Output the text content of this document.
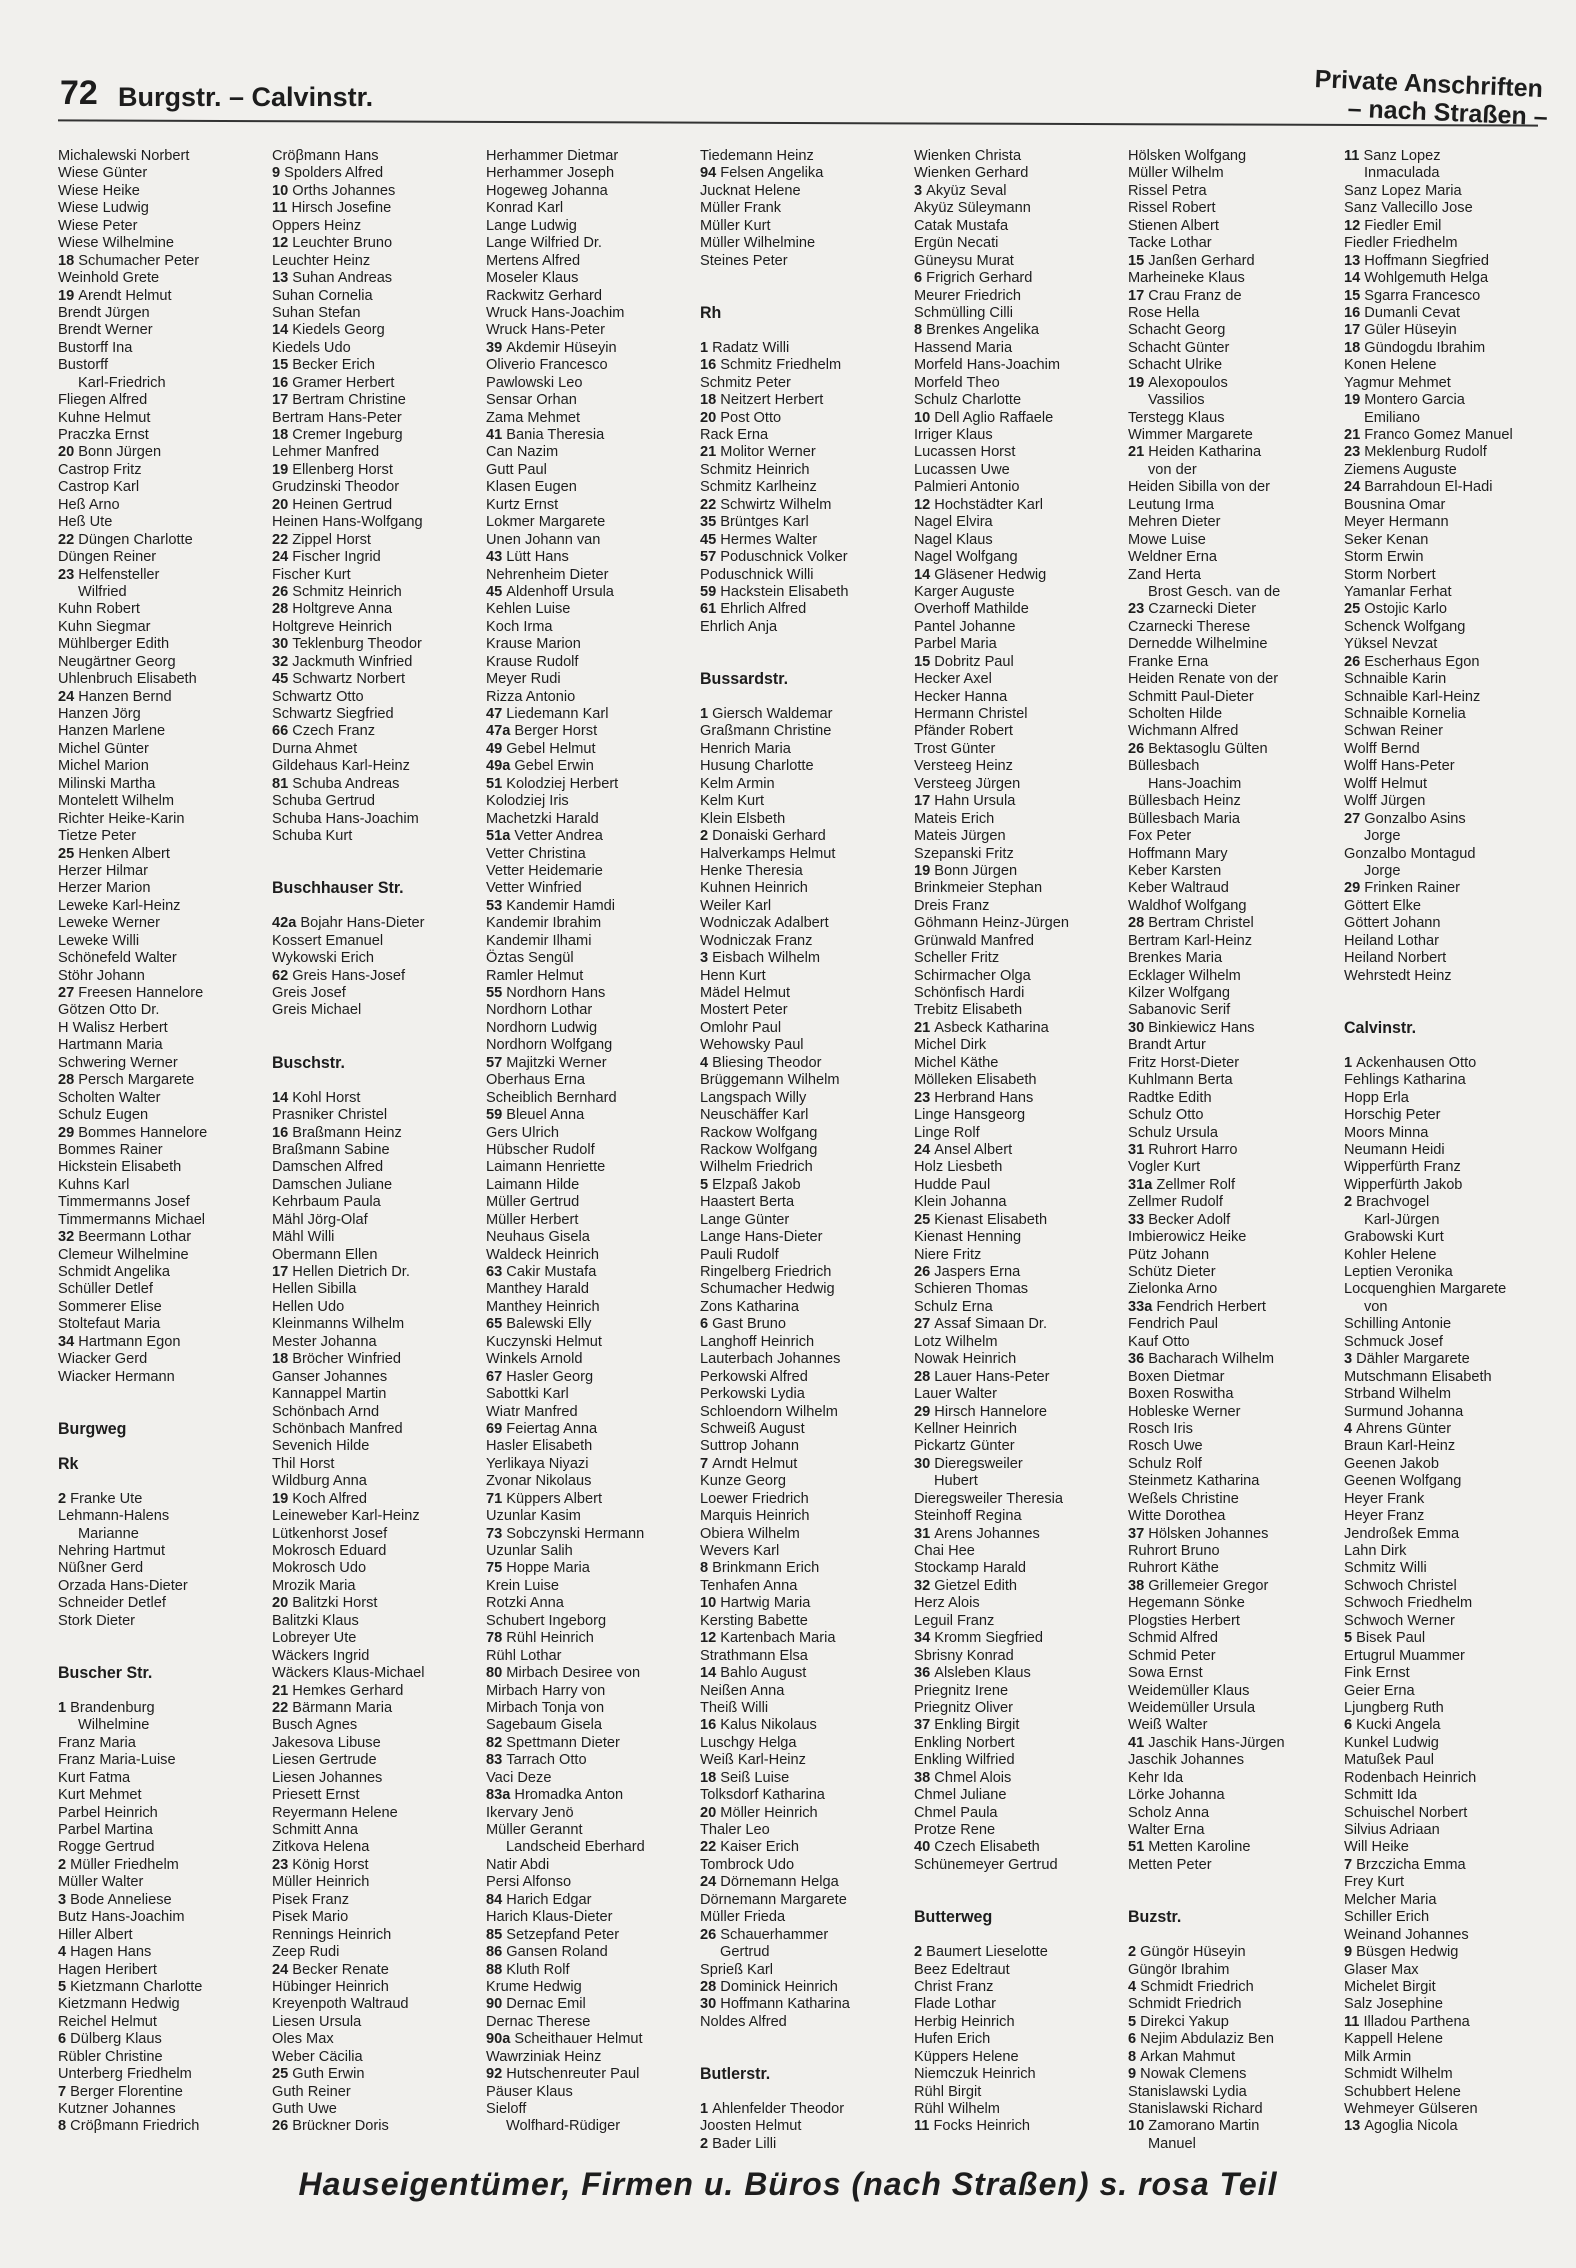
72 Burgstr. – Calvinstr.	Private Anschriften
– nach Straßen –
Michalewski Norbert
Wiese Günter
Wiese Heike
Wiese Ludwig
Wiese Peter
Wiese Wilhelmine
18 Schumacher Peter
Weinhold Grete
19 Arendt Helmut
Brendt Jürgen
Brendt Werner
Bustorff Ina
Bustorff
Karl-Friedrich
Fliegen Alfred
Kuhne Helmut
Praczka Ernst
20 Bonn Jürgen
Castrop Fritz
Castrop Karl
Heß Arno
Heß Ute
22 Düngen Charlotte
Düngen Reiner
23 Helfensteller
Wilfried
Kuhn Robert
Kuhn Siegmar
Mühlberger Edith
Neugärtner Georg
Uhlenbruch Elisabeth
24 Hanzen Bernd
Hanzen Jörg
Hanzen Marlene
Michel Günter
Michel Marion
Milinski Martha
Montelett Wilhelm
Richter Heike-Karin
Tietze Peter
25 Henken Albert
Herzer Hilmar
Herzer Marion
Leweke Karl-Heinz
Leweke Werner
Leweke Willi
Schönefeld Walter
Stöhr Johann
27 Freesen Hannelore
Götzen Otto Dr.
H Walisz Herbert
Hartmann Maria
Schwering Werner
28 Persch Margarete
Scholten Walter
Schulz Eugen
29 Bommes Hannelore
Bommes Rainer
Hickstein Elisabeth
Kuhns Karl
Timmermanns Josef
Timmermanns Michael
32 Beermann Lothar
Clemeur Wilhelmine
Schmidt Angelika
Schüller Detlef
Sommerer Elise
Stoltefaut Maria
34 Hartmann Egon
Wiacker Gerd
Wiacker Hermann
Burgweg
Rk
2 Franke Ute
Lehmann-Halens
Marianne
Nehring Hartmut
Nüßner Gerd
Orzada Hans-Dieter
Schneider Detlef
Stork Dieter
Buscher Str.
1 Brandenburg
Wilhelmine
Franz Maria
Franz Maria-Luise
Kurt Fatma
Kurt Mehmet
Parbel Heinrich
Parbel Martina
Rogge Gertrud
2 Müller Friedhelm
Müller Walter
3 Bode Anneliese
Butz Hans-Joachim
Hiller Albert
4 Hagen Hans
Hagen Heribert
5 Kietzmann Charlotte
Kietzmann Hedwig
Reichel Helmut
6 Dülberg Klaus
Rübler Christine
Unterberg Friedhelm
7 Berger Florentine
Kutzner Johannes
8 Cröβmann Friedrich
Cröβmann Hans
9 Spolders Alfred
10 Orths Johannes
11 Hirsch Josefine
Oppers Heinz
12 Leuchter Bruno
Leuchter Heinz
13 Suhan Andreas
Suhan Cornelia
Suhan Stefan
14 Kiedels Georg
Kiedels Udo
15 Becker Erich
16 Gramer Herbert
17 Bertram Christine
Bertram Hans-Peter
18 Cremer Ingeburg
Lehmer Manfred
19 Ellenberg Horst
Grudzinski Theodor
20 Heinen Gertrud
Heinen Hans-Wolfgang
22 Zippel Horst
24 Fischer Ingrid
Fischer Kurt
26 Schmitz Heinrich
28 Holtgreve Anna
Holtgreve Heinrich
30 Teklenburg Theodor
32 Jackmuth Winfried
45 Schwartz Norbert
Schwartz Otto
Schwartz Siegfried
66 Czech Franz
Durna Ahmet
Gildehaus Karl-Heinz
81 Schuba Andreas
Schuba Gertrud
Schuba Hans-Joachim
Schuba Kurt
Buschhauser Str.
42a Bojahr Hans-Dieter
Kossert Emanuel
Wykowski Erich
62 Greis Hans-Josef
Greis Josef
Greis Michael
Buschstr.
14 Kohl Horst
Prasniker Christel
16 Braßmann Heinz
Braßmann Sabine
Damschen Alfred
Damschen Juliane
Kehrbaum Paula
Mähl Jörg-Olaf
Mähl Willi
Obermann Ellen
17 Hellen Dietrich Dr.
Hellen Sibilla
Hellen Udo
Kleinmanns Wilhelm
Mester Johanna
18 Bröcher Winfried
Ganser Johannes
Kannappel Martin
Schönbach Arnd
Schönbach Manfred
Sevenich Hilde
Thil Horst
Wildburg Anna
19 Koch Alfred
Leineweber Karl-Heinz
Lütkenhorst Josef
Mokrosch Eduard
Mokrosch Udo
Mrozik Maria
20 Balitzki Horst
Balitzki Klaus
Lobreyer Ute
Wäckers Ingrid
Wäckers Klaus-Michael
21 Hemkes Gerhard
22 Bärmann Maria
Busch Agnes
Jakesova Libuse
Liesen Gertrude
Liesen Johannes
Priesett Ernst
Reyermann Helene
Schmitt Anna
Zitkova Helena
23 König Horst
Müller Heinrich
Pisek Franz
Pisek Mario
Rennings Heinrich
Zeep Rudi
24 Becker Renate
Hübinger Heinrich
Kreyenpoth Waltraud
Liesen Ursula
Oles Max
Weber Cäcilia
25 Guth Erwin
Guth Reiner
Guth Uwe
26 Brückner Doris
Herhammer Dietmar
Herhammer Joseph
Hogeweg Johanna
Konrad Karl
Lange Ludwig
Lange Wilfried Dr.
Mertens Alfred
Moseler Klaus
Rackwitz Gerhard
Wruck Hans-Joachim
Wruck Hans-Peter
39 Akdemir Hüseyin
Oliverio Francesco
Pawlowski Leo
Sensar Orhan
Zama Mehmet
41 Bania Theresia
Can Nazim
Gutt Paul
Klasen Eugen
Kurtz Ernst
Lokmer Margarete
Unen Johann van
43 Lütt Hans
Nehrenheim Dieter
45 Aldenhoff Ursula
Kehlen Luise
Koch Irma
Krause Marion
Krause Rudolf
Meyer Rudi
Rizza Antonio
47 Liedemann Karl
47a Berger Horst
49 Gebel Helmut
49a Gebel Erwin
51 Kolodziej Herbert
Kolodziej Iris
Machetzki Harald
51a Vetter Andrea
Vetter Christina
Vetter Heidemarie
Vetter Winfried
53 Kandemir Hamdi
Kandemir Ibrahim
Kandemir Ilhami
Öztas Sengül
Ramler Helmut
55 Nordhorn Hans
Nordhorn Lothar
Nordhorn Ludwig
Nordhorn Wolfgang
57 Majitzki Werner
Oberhaus Erna
Scheiblich Bernhard
59 Bleuel Anna
Gers Ulrich
Hübscher Rudolf
Laimann Henriette
Laimann Hilde
Müller Gertrud
Müller Herbert
Neuhaus Gisela
Waldeck Heinrich
63 Cakir Mustafa
Manthey Harald
Manthey Heinrich
65 Balewski Elly
Kuczynski Helmut
Winkels Arnold
67 Hasler Georg
Sabottki Karl
Wiatr Manfred
69 Feiertag Anna
Hasler Elisabeth
Yerlikaya Niyazi
Zvonar Nikolaus
71 Küppers Albert
Uzunlar Kasim
73 Sobczynski Hermann
Uzunlar Salih
75 Hoppe Maria
Krein Luise
Rotzki Anna
Schubert Ingeborg
78 Rühl Heinrich
Rühl Lothar
80 Mirbach Desiree von
Mirbach Harry von
Mirbach Tonja von
Sagebaum Gisela
82 Spettmann Dieter
83 Tarrach Otto
Vaci Deze
83a Hromadka Anton
Ikervary Jenö
Müller Gerannt
Landscheid Eberhard
Natir Abdi
Persi Alfonso
84 Harich Edgar
Harich Klaus-Dieter
85 Setzepfand Peter
86 Gansen Roland
88 Kluth Rolf
Krume Hedwig
90 Dernac Emil
Dernac Therese
90a Scheithauer Helmut
Wawrziniak Heinz
92 Hutschenreuter Paul
Päuser Klaus
Sieloff
Wolfhard-Rüdiger
Tiedemann Heinz
94 Felsen Angelika
Jucknat Helene
Müller Frank
Müller Kurt
Müller Wilhelmine
Steines Peter
Rh
1 Radatz Willi
16 Schmitz Friedhelm
Schmitz Peter
18 Neitzert Herbert
20 Post Otto
Rack Erna
21 Molitor Werner
Schmitz Heinrich
Schmitz Karlheinz
22 Schwirtz Wilhelm
35 Brüntges Karl
45 Hermes Walter
57 Poduschnick Volker
Poduschnick Willi
59 Hackstein Elisabeth
61 Ehrlich Alfred
Ehrlich Anja
Bussardstr.
1 Giersch Waldemar
Graßmann Christine
Henrich Maria
Husung Charlotte
Kelm Armin
Kelm Kurt
Klein Elsbeth
2 Donaiski Gerhard
Halverkamps Helmut
Henke Theresia
Kuhnen Heinrich
Weiler Karl
Wodniczak Adalbert
Wodniczak Franz
3 Eisbach Wilhelm
Henn Kurt
Mädel Helmut
Mostert Peter
Omlohr Paul
Wehowsky Paul
4 Bliesing Theodor
Brüggemann Wilhelm
Langspach Willy
Neuschäffer Karl
Rackow Wolfgang
Rackow Wolfgang
Wilhelm Friedrich
5 Elzpaß Jakob
Haastert Berta
Lange Günter
Lange Hans-Dieter
Pauli Rudolf
Ringelberg Friedrich
Schumacher Hedwig
Zons Katharina
6 Gast Bruno
Langhoff Heinrich
Lauterbach Johannes
Perkowski Alfred
Perkowski Lydia
Schloendorn Wilhelm
Schweiß August
Suttrop Johann
7 Arndt Helmut
Kunze Georg
Loewer Friedrich
Marquis Heinrich
Obiera Wilhelm
Wevers Karl
8 Brinkmann Erich
Tenhafen Anna
10 Hartwig Maria
Kersting Babette
12 Kartenbach Maria
Strathmann Elsa
14 Bahlo August
Neißen Anna
Theiß Willi
16 Kalus Nikolaus
Luschgy Helga
Weiß Karl-Heinz
18 Seiß Luise
Tolksdorf Katharina
20 Möller Heinrich
Thaler Leo
22 Kaiser Erich
Tombrock Udo
24 Dörnemann Helga
Dörnemann Margarete
Müller Frieda
26 Schauerhammer
Gertrud
Sprieß Karl
28 Dominick Heinrich
30 Hoffmann Katharina
Noldes Alfred
Butlerstr.
1 Ahlenfelder Theodor
Joosten Helmut
2 Bader Lilli
Wienken Christa
Wienken Gerhard
3 Akyüz Seval
Akyüz Süleymann
Catak Mustafa
Ergün Necati
Güneysu Murat
6 Frigrich Gerhard
Meurer Friedrich
Schmülling Cilli
8 Brenkes Angelika
Hassend Maria
Morfeld Hans-Joachim
Morfeld Theo
Schulz Charlotte
10 Dell Aglio Raffaele
Irriger Klaus
Lucassen Horst
Lucassen Uwe
Palmieri Antonio
12 Hochstädter Karl
Nagel Elvira
Nagel Klaus
Nagel Wolfgang
14 Gläsener Hedwig
Karger Auguste
Overhoff Mathilde
Pantel Johanne
Parbel Maria
15 Dobritz Paul
Hecker Axel
Hecker Hanna
Hermann Christel
Pfänder Robert
Trost Günter
Versteeg Heinz
Versteeg Jürgen
17 Hahn Ursula
Mateis Erich
Mateis Jürgen
Szepanski Fritz
19 Bonn Jürgen
Brinkmeier Stephan
Dreis Franz
Göhmann Heinz-Jürgen
Grünwald Manfred
Scheller Fritz
Schirmacher Olga
Schönfisch Hardi
Trebitz Elisabeth
21 Asbeck Katharina
Michel Dirk
Michel Käthe
Mölleken Elisabeth
23 Herbrand Hans
Linge Hansgeorg
Linge Rolf
24 Ansel Albert
Holz Liesbeth
Hudde Paul
Klein Johanna
25 Kienast Elisabeth
Kienast Henning
Niere Fritz
26 Jaspers Erna
Schieren Thomas
Schulz Erna
27 Assaf Simaan Dr.
Lotz Wilhelm
Nowak Heinrich
28 Lauer Hans-Peter
Lauer Walter
29 Hirsch Hannelore
Kellner Heinrich
Pickartz Günter
30 Dieregsweiler
Hubert
Dieregsweiler Theresia
Steinhoff Regina
31 Arens Johannes
Chai Hee
Stockamp Harald
32 Gietzel Edith
Herz Alois
Leguil Franz
34 Kromm Siegfried
Sbrisny Konrad
36 Alsleben Klaus
Priegnitz Irene
Priegnitz Oliver
37 Enkling Birgit
Enkling Norbert
Enkling Wilfried
38 Chmel Alois
Chmel Juliane
Chmel Paula
Protze Rene
40 Czech Elisabeth
Schünemeyer Gertrud
Butterweg
2 Baumert Lieselotte
Beez Edeltraut
Christ Franz
Flade Lothar
Herbig Heinrich
Hufen Erich
Küppers Helene
Niemczuk Heinrich
Rühl Birgit
Rühl Wilhelm
11 Focks Heinrich
Hölsken Wolfgang
Müller Wilhelm
Rissel Petra
Rissel Robert
Stienen Albert
Tacke Lothar
15 Janßen Gerhard
Marheineke Klaus
17 Crau Franz de
Rose Hella
Schacht Georg
Schacht Günter
Schacht Ulrike
19 Alexopoulos
Vassilios
Terstegg Klaus
Wimmer Margarete
21 Heiden Katharina
von der
Heiden Sibilla von der
Leutung Irma
Mehren Dieter
Mowe Luise
Weldner Erna
Zand Herta
Brost Gesch. van de
23 Czarnecki Dieter
Czarnecki Therese
Dernedde Wilhelmine
Franke Erna
Heiden Renate von der
Schmitt Paul-Dieter
Scholten Hilde
Wichmann Alfred
26 Bektasoglu Gülten
Büllesbach
Hans-Joachim
Büllesbach Heinz
Büllesbach Maria
Fox Peter
Hoffmann Mary
Keber Karsten
Keber Waltraud
Waldhof Wolfgang
28 Bertram Christel
Bertram Karl-Heinz
Brenkes Maria
Ecklager Wilhelm
Kilzer Wolfgang
Sabanovic Serif
30 Binkiewicz Hans
Brandt Artur
Fritz Horst-Dieter
Kuhlmann Berta
Radtke Edith
Schulz Otto
Schulz Ursula
31 Ruhrort Harro
Vogler Kurt
31a Zellmer Rolf
Zellmer Rudolf
33 Becker Adolf
Imbierowicz Heike
Pütz Johann
Schütz Dieter
Zielonka Arno
33a Fendrich Herbert
Fendrich Paul
Kauf Otto
36 Bacharach Wilhelm
Boxen Dietmar
Boxen Roswitha
Hobleske Werner
Rosch Iris
Rosch Uwe
Schulz Rolf
Steinmetz Katharina
Weßels Christine
Witte Dorothea
37 Hölsken Johannes
Ruhrort Bruno
Ruhrort Käthe
38 Grillemeier Gregor
Hegemann Sönke
Plogsties Herbert
Schmid Alfred
Schmid Peter
Sowa Ernst
Weidemüller Klaus
Weidemüller Ursula
Weiß Walter
41 Jaschik Hans-Jürgen
Jaschik Johannes
Kehr Ida
Lörke Johanna
Scholz Anna
Walter Erna
51 Metten Karoline
Metten Peter
Buzstr.
2 Güngör Hüseyin
Güngör Ibrahim
4 Schmidt Friedrich
Schmidt Friedrich
5 Direkci Yakup
6 Nejim Abdulaziz Ben
8 Arkan Mahmut
9 Nowak Clemens
Stanislawski Lydia
Stanislawski Richard
10 Zamorano Martin
Manuel
11 Sanz Lopez
Inmaculada
Sanz Lopez Maria
Sanz Vallecillo Jose
12 Fiedler Emil
Fiedler Friedhelm
13 Hoffmann Siegfried
14 Wohlgemuth Helga
15 Sgarra Francesco
16 Dumanli Cevat
17 Güler Hüseyin
18 Gündogdu Ibrahim
Konen Helene
Yagmur Mehmet
19 Montero Garcia
Emiliano
21 Franco Gomez Manuel
23 Meklenburg Rudolf
Ziemens Auguste
24 Barrahdoun El-Hadi
Bousnina Omar
Meyer Hermann
Seker Kenan
Storm Erwin
Storm Norbert
Yamanlar Ferhat
25 Ostojic Karlo
Schenck Wolfgang
Yüksel Nevzat
26 Escherhaus Egon
Schnaible Karin
Schnaible Karl-Heinz
Schnaible Kornelia
Schwan Reiner
Wolff Bernd
Wolff Hans-Peter
Wolff Helmut
Wolff Jürgen
27 Gonzalbo Asins
Jorge
Gonzalbo Montagud
Jorge
29 Frinken Rainer
Göttert Elke
Göttert Johann
Heiland Lothar
Heiland Norbert
Wehrstedt Heinz
Calvinstr.
1 Ackenhausen Otto
Fehlings Katharina
Hopp Erla
Horschig Peter
Moors Minna
Neumann Heidi
Wipperfürth Franz
Wipperfürth Jakob
2 Brachvogel
Karl-Jürgen
Grabowski Kurt
Kohler Helene
Leptien Veronika
Locquenghien Margarete
von
Schilling Antonie
Schmuck Josef
3 Dähler Margarete
Mutschmann Elisabeth
Strband Wilhelm
Surmund Johanna
4 Ahrens Günter
Braun Karl-Heinz
Geenen Jakob
Geenen Wolfgang
Heyer Frank
Heyer Franz
Jendroßek Emma
Lahn Dirk
Schmitz Willi
Schwoch Christel
Schwoch Friedhelm
Schwoch Werner
5 Bisek Paul
Ertugrul Muammer
Fink Ernst
Geier Erna
Ljungberg Ruth
6 Kucki Angela
Kunkel Ludwig
Matußek Paul
Rodenbach Heinrich
Schmitt Ida
Schuischel Norbert
Silvius Adriaan
Will Heike
7 Brzczicha Emma
Frey Kurt
Melcher Maria
Schiller Erich
Weinand Johannes
9 Büsgen Hedwig
Glaser Max
Michelet Birgit
Salz Josephine
11 Illadou Parthena
Kappell Helene
Milk Armin
Schmidt Wilhelm
Schubbert Helene
Wehmeyer Gülseren
13 Agoglia Nicola
Hauseigentümer, Firmen u. Büros (nach Straßen) s. rosa Teil
